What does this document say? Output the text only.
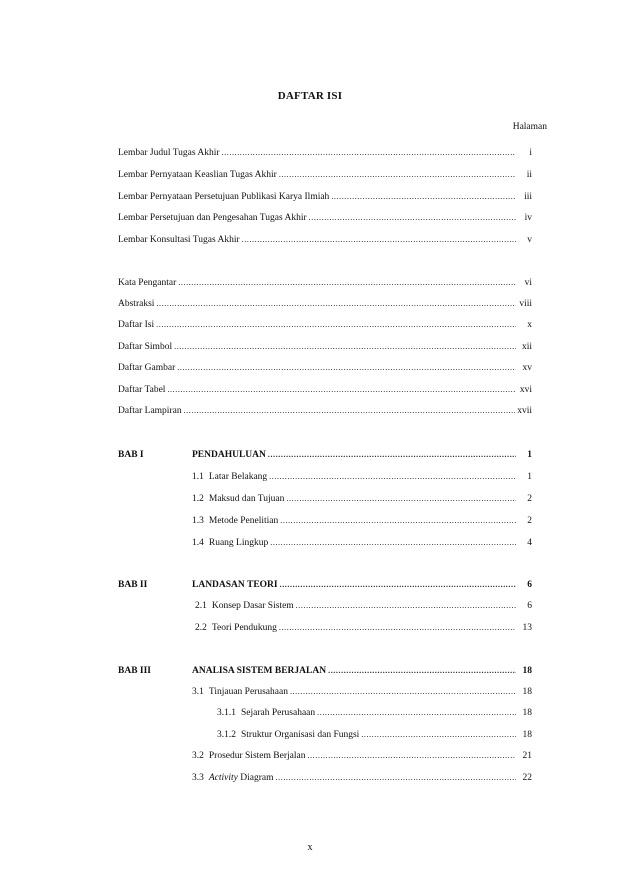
DAFTAR ISI
Halaman
Lembar Judul Tugas Akhir .....	i
Lembar Pernyataan Keaslian Tugas Akhir .....	ii
Lembar Pernyataan Persetujuan Publikasi Karya Ilmiah .....	iii
Lembar Persetujuan dan Pengesahan Tugas Akhir .....	iv
Lembar Konsultasi Tugas Akhir .....	v
Kata Pengantar .....	vi
Abstraksi .....	viii
Daftar Isi .....	x
Daftar Simbol .....	xii
Daftar Gambar .....	xv
Daftar Tabel .....	xvi
Daftar Lampiran .....	xvii
BAB I	PENDAHULUAN .....	1
1.1 Latar Belakang .....	1
1.2 Maksud dan Tujuan .....	2
1.3 Metode Penelitian .....	2
1.4 Ruang Lingkup .....	4
BAB II	LANDASAN TEORI .....	6
2.1 Konsep Dasar Sistem .....	6
2.2 Teori Pendukung .....	13
BAB III	ANALISA SISTEM BERJALAN .....	18
3.1 Tinjauan Perusahaan .....	18
3.1.1 Sejarah Perusahaan .....	18
3.1.2 Struktur Organisasi dan Fungsi .....	18
3.2 Prosedur Sistem Berjalan .....	21
3.3 Activity Diagram .....	22
x
